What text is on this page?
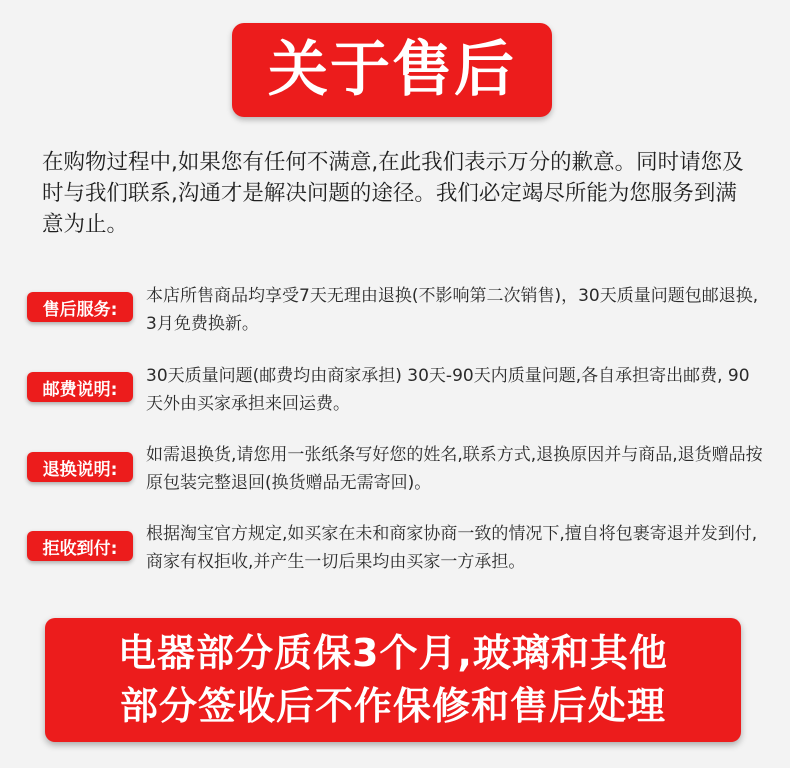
关于售后

在购物过程中,如果您有任何不满意,在此我们表示万分的歉意。同时请您及时与我们联系,沟通才是解决问题的途径。我们必定竭尽所能为您服务到满意为止。

售后服务:

本店所售商品均享受7天无理由退换(不影响第二次销售)，30天质量问题包邮退换, 3月免费换新。

邮费说明:

30天质量问题(邮费均由商家承担) 30天-90天内质量问题,各自承担寄出邮费, 90天外由买家承担来回运费。

退换说明:

如需退换货,请您用一张纸条写好您的姓名,联系方式,退换原因并与商品,退货赠品按原包装完整退回(换货赠品无需寄回)。

拒收到付:

根据淘宝官方规定,如买家在未和商家协商一致的情况下,擅自将包裹寄退并发到付,商家有权拒收,并产生一切后果均由买家一方承担。

电器部分质保3个月,玻璃和其他
部分签收后不作保修和售后处理
